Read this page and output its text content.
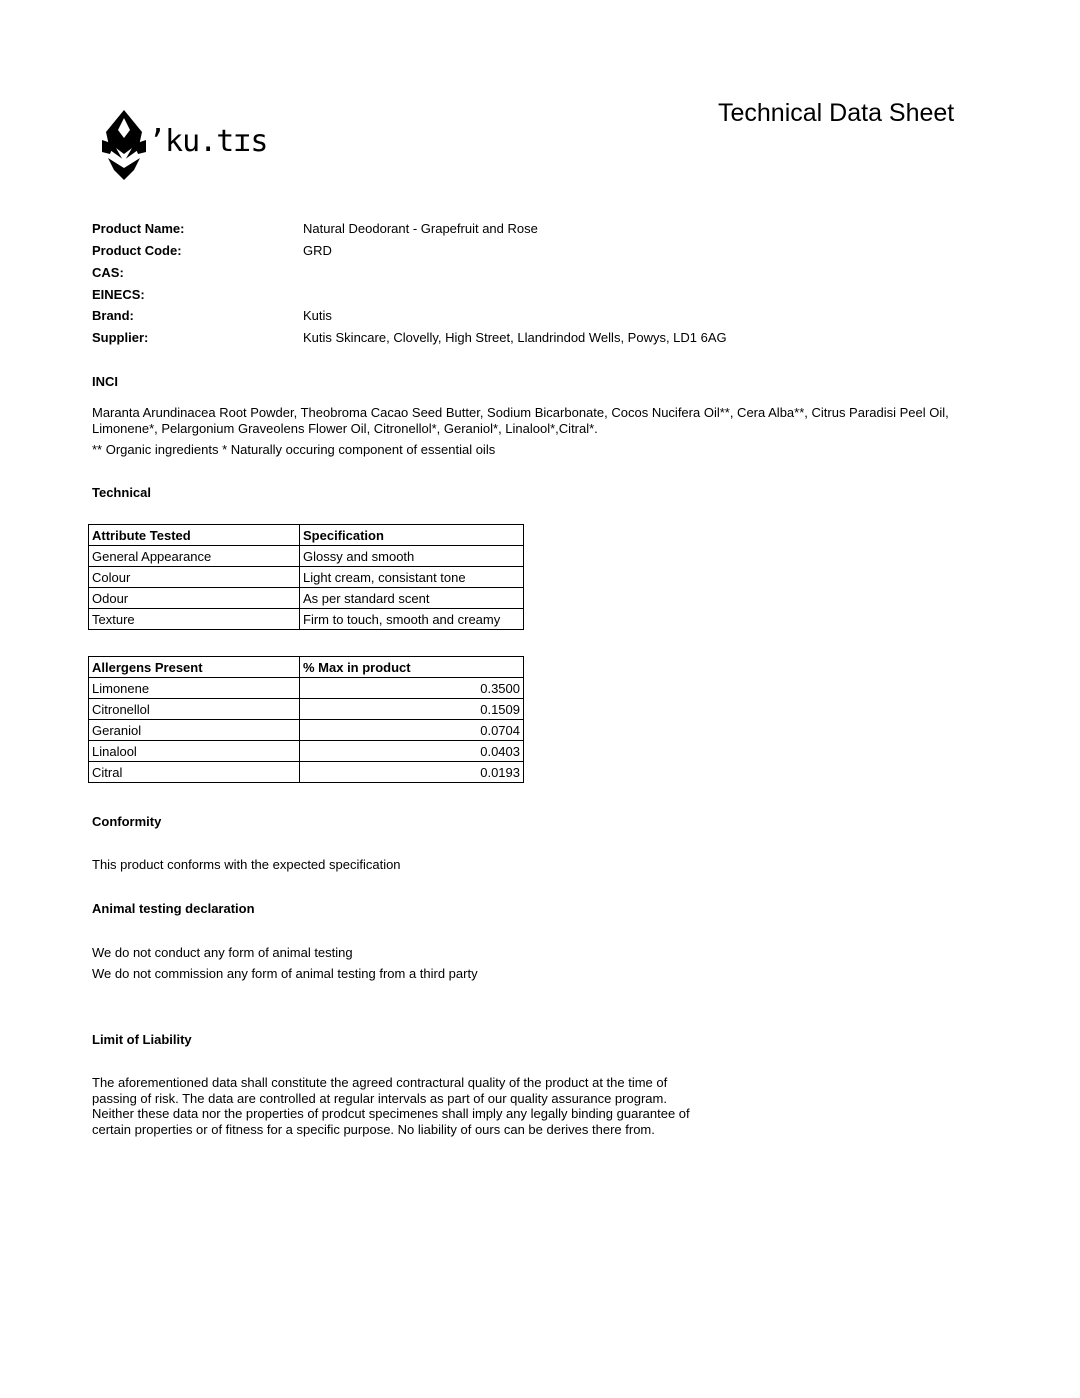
’ku.tɪs
Technical Data Sheet
Product Name:	Natural Deodorant - Grapefruit and Rose
Product Code:	GRD
CAS:
EINECS:
Brand:	Kutis
Supplier:	Kutis Skincare, Clovelly, High Street, Llandrindod Wells, Powys, LD1 6AG
INCI
Maranta Arundinacea Root Powder, Theobroma Cacao Seed Butter, Sodium Bicarbonate, Cocos Nucifera Oil**, Cera Alba**, Citrus Paradisi Peel Oil, Limonene*, Pelargonium Graveolens Flower Oil, Citronellol*, Geraniol*, Linalool*,Citral*.
** Organic ingredients * Naturally occuring component of essential oils
Technical
Attribute Tested	Specification
General Appearance	Glossy and smooth
Colour	Light cream, consistant tone
Odour	As per standard scent
Texture	Firm to touch, smooth and creamy
Allergens Present	% Max in product
Limonene	0.3500
Citronellol	0.1509
Geraniol	0.0704
Linalool	0.0403
Citral	0.0193
Conformity
This product conforms with the expected specification
Animal testing declaration
We do not conduct any form of animal testing
We do not commission any form of animal testing from a third party
Limit of Liability
The aforementioned data shall constitute the agreed contractural quality of the product at the time of passing of risk. The data are controlled at regular intervals as part of our quality assurance program. Neither these data nor the properties of prodcut specimenes shall imply any legally binding guarantee of certain properties or of fitness for a specific purpose. No liability of ours can be derives there from.
